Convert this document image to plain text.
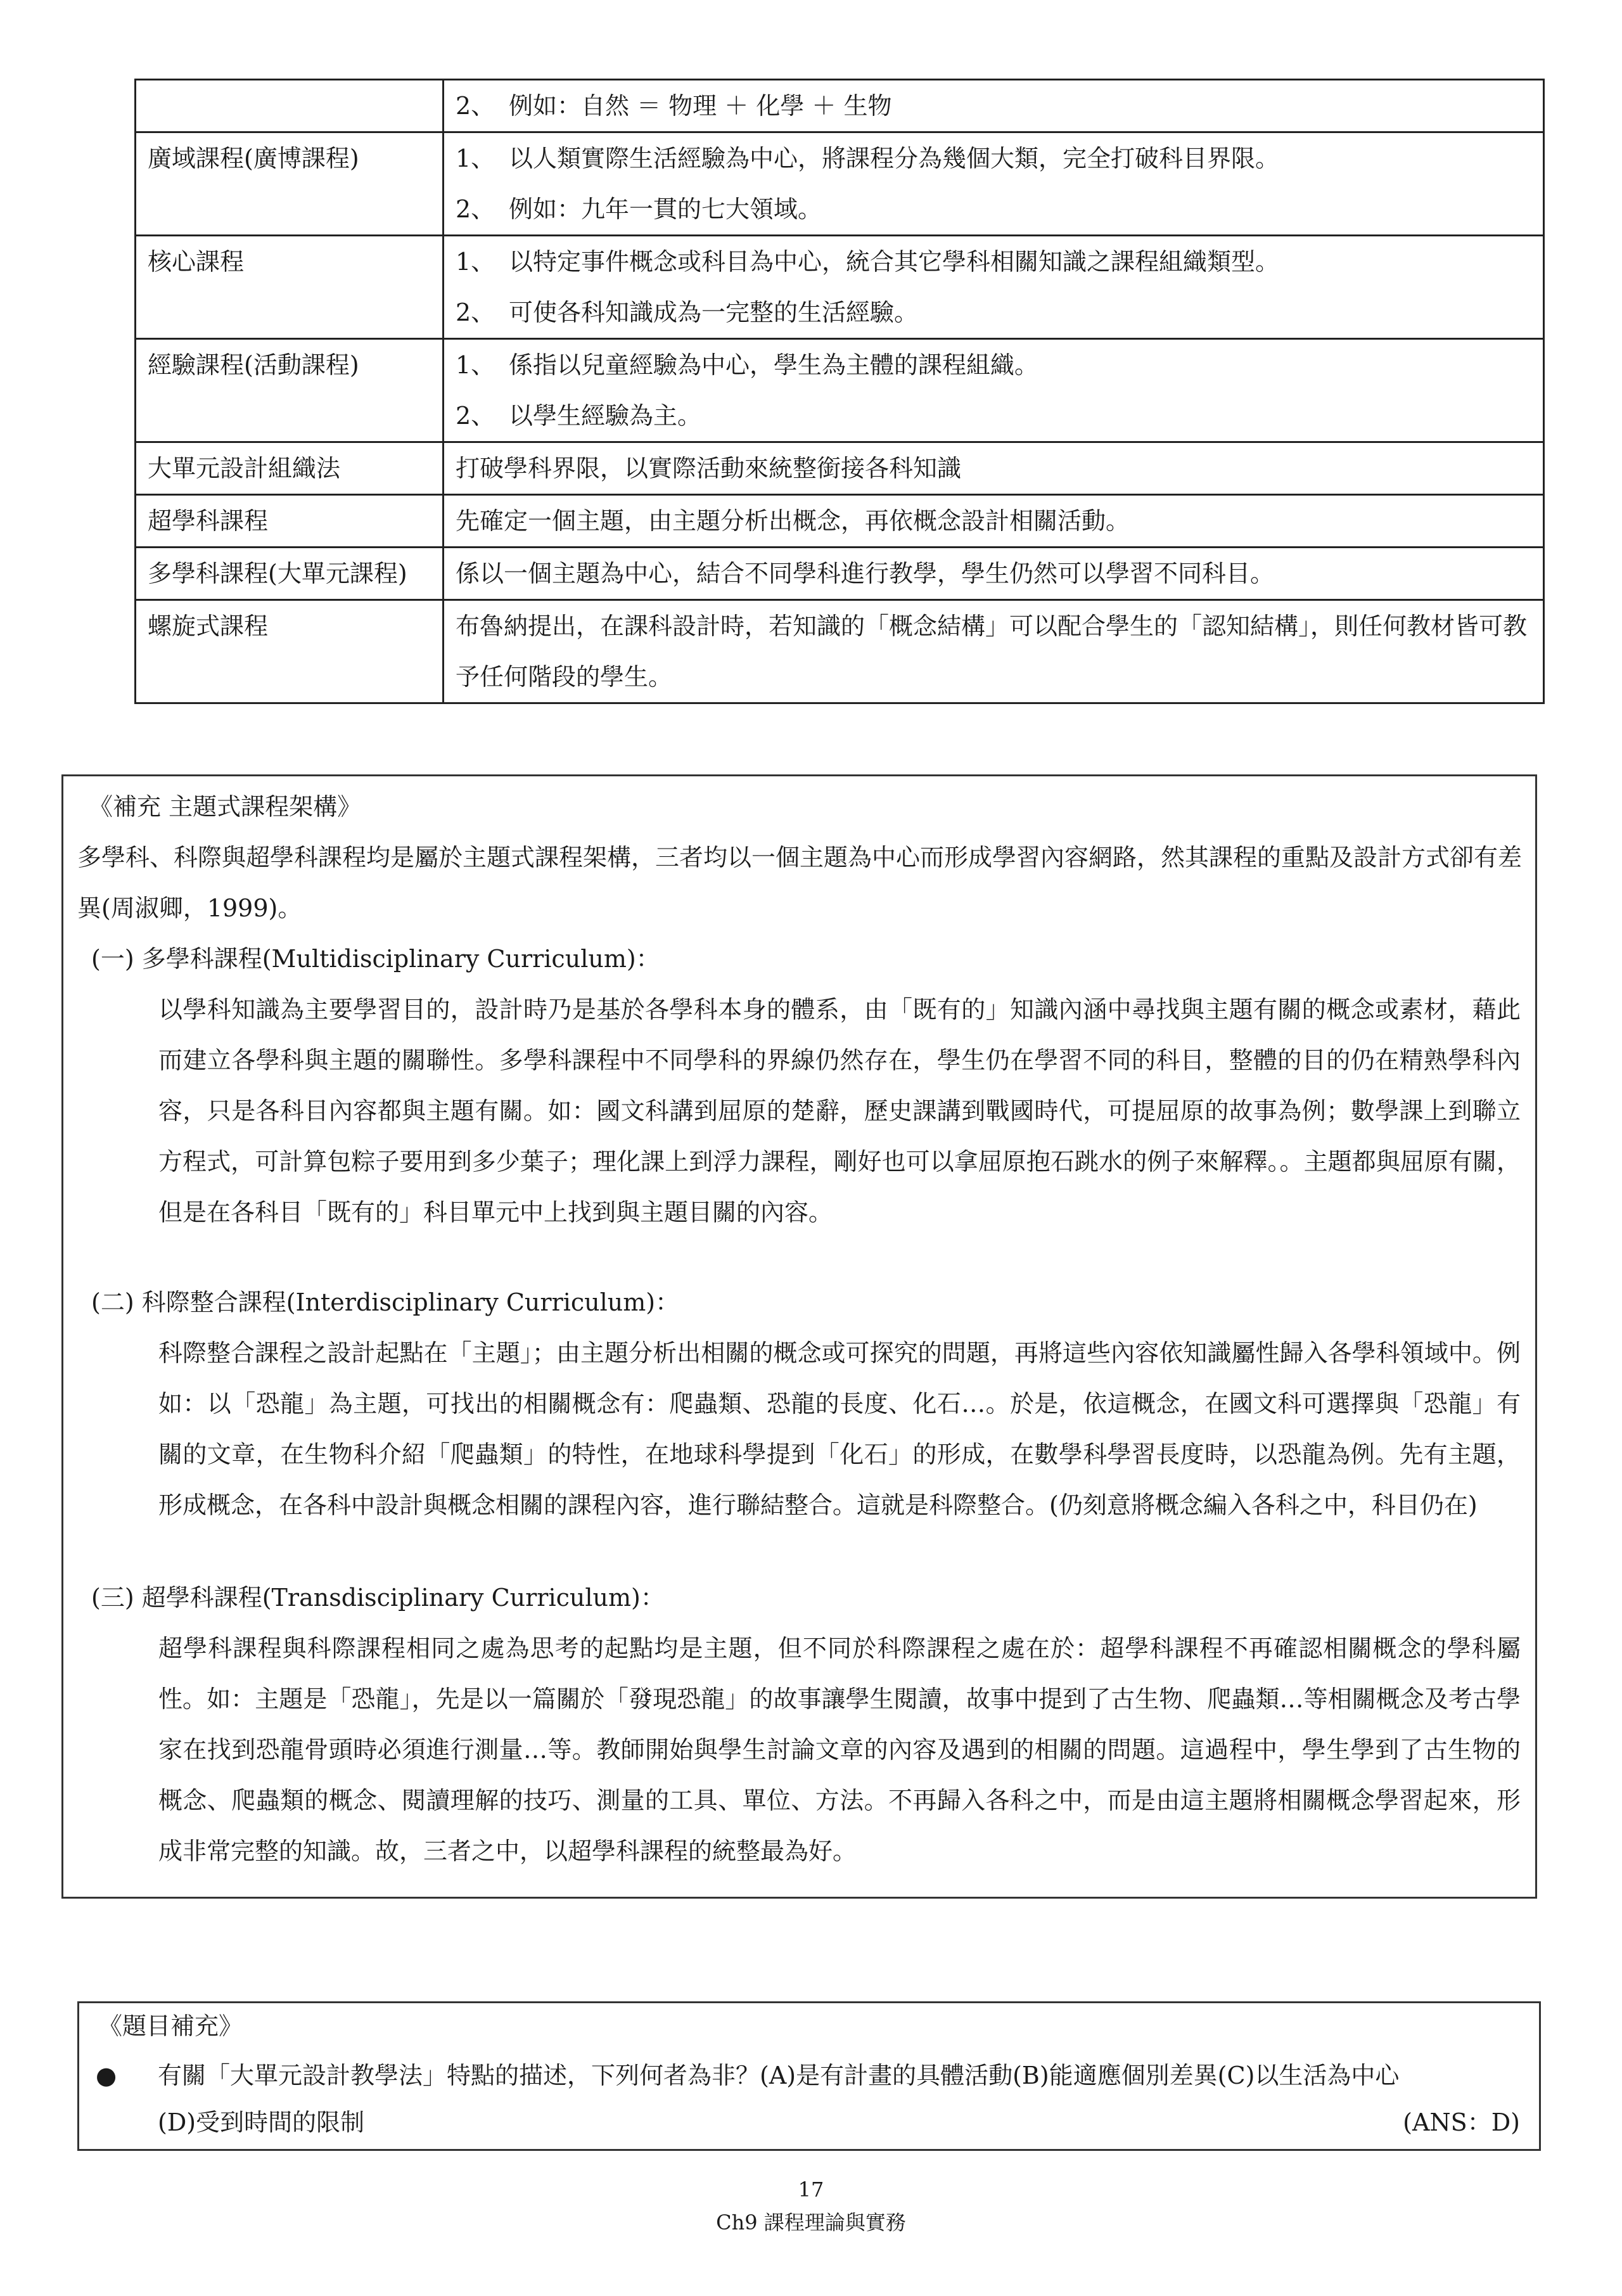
	2、 例如：自然 ＝ 物理 ＋ 化學 ＋ 生物

廣域課程(廣博課程)	1、 以人類實際生活經驗為中心，將課程分為幾個大類，完全打破科目界限。
2、 例如：九年一貫的七大領域。

核心課程	1、 以特定事件概念或科目為中心，統合其它學科相關知識之課程組織類型。
2、 可使各科知識成為一完整的生活經驗。

經驗課程(活動課程)	1、 係指以兒童經驗為中心，學生為主體的課程組織。
2、 以學生經驗為主。

大單元設計組織法	打破學科界限，以實際活動來統整銜接各科知識
超學科課程	先確定一個主題，由主題分析出概念，再依概念設計相關活動。
多學科課程(大單元課程)	係以一個主題為中心，結合不同學科進行教學，學生仍然可以學習不同科目。
螺旋式課程	布魯納提出，在課科設計時，若知識的「概念結構」可以配合學生的「認知結構」，則任何教材皆可教予任何階段的學生。
《補充 主題式課程架構》
多學科、科際與超學科課程均是屬於主題式課程架構，三者均以一個主題為中心而形成學習內容網路，然其課程的重點及設計方式卻有差異(周淑卿，1999)。
(一) 多學科課程(Multidisciplinary Curriculum)：
以學科知識為主要學習目的，設計時乃是基於各學科本身的體系，由「既有的」知識內涵中尋找與主題有關的概念或素材，藉此而建立各學科與主題的關聯性。多學科課程中不同學科的界線仍然存在，學生仍在學習不同的科目，整體的目的仍在精熟學科內容，只是各科目內容都與主題有關。如：國文科講到屈原的楚辭，歷史課講到戰國時代，可提屈原的故事為例；數學課上到聯立方程式，可計算包粽子要用到多少葉子；理化課上到浮力課程，剛好也可以拿屈原抱石跳水的例子來解釋。。主題都與屈原有關，但是在各科目「既有的」科目單元中上找到與主題目關的內容。
(二) 科際整合課程(Interdisciplinary Curriculum)：
科際整合課程之設計起點在「主題」；由主題分析出相關的概念或可探究的問題，再將這些內容依知識屬性歸入各學科領域中。例如：以「恐龍」為主題，可找出的相關概念有：爬蟲類、恐龍的長度、化石…。於是，依這概念，在國文科可選擇與「恐龍」有關的文章，在生物科介紹「爬蟲類」的特性，在地球科學提到「化石」的形成，在數學科學習長度時，以恐龍為例。先有主題，形成概念，在各科中設計與概念相關的課程內容，進行聯結整合。這就是科際整合。(仍刻意將概念編入各科之中，科目仍在)
(三) 超學科課程(Transdisciplinary Curriculum)：
超學科課程與科際課程相同之處為思考的起點均是主題，但不同於科際課程之處在於：超學科課程不再確認相關概念的學科屬性。如：主題是「恐龍」，先是以一篇關於「發現恐龍」的故事讓學生閱讀，故事中提到了古生物、爬蟲類…等相關概念及考古學家在找到恐龍骨頭時必須進行測量…等。教師開始與學生討論文章的內容及遇到的相關的問題。這過程中，學生學到了古生物的概念、爬蟲類的概念、閱讀理解的技巧、測量的工具、單位、方法。不再歸入各科之中，而是由這主題將相關概念學習起來，形成非常完整的知識。故，三者之中，以超學科課程的統整最為好。
《題目補充》
● 有關「大單元設計教學法」特點的描述，下列何者為非？(A)是有計畫的具體活動(B)能適應個別差異(C)以生活為中心
(D)受到時間的限制	(ANS：D)
17
Ch9 課程理論與實務
